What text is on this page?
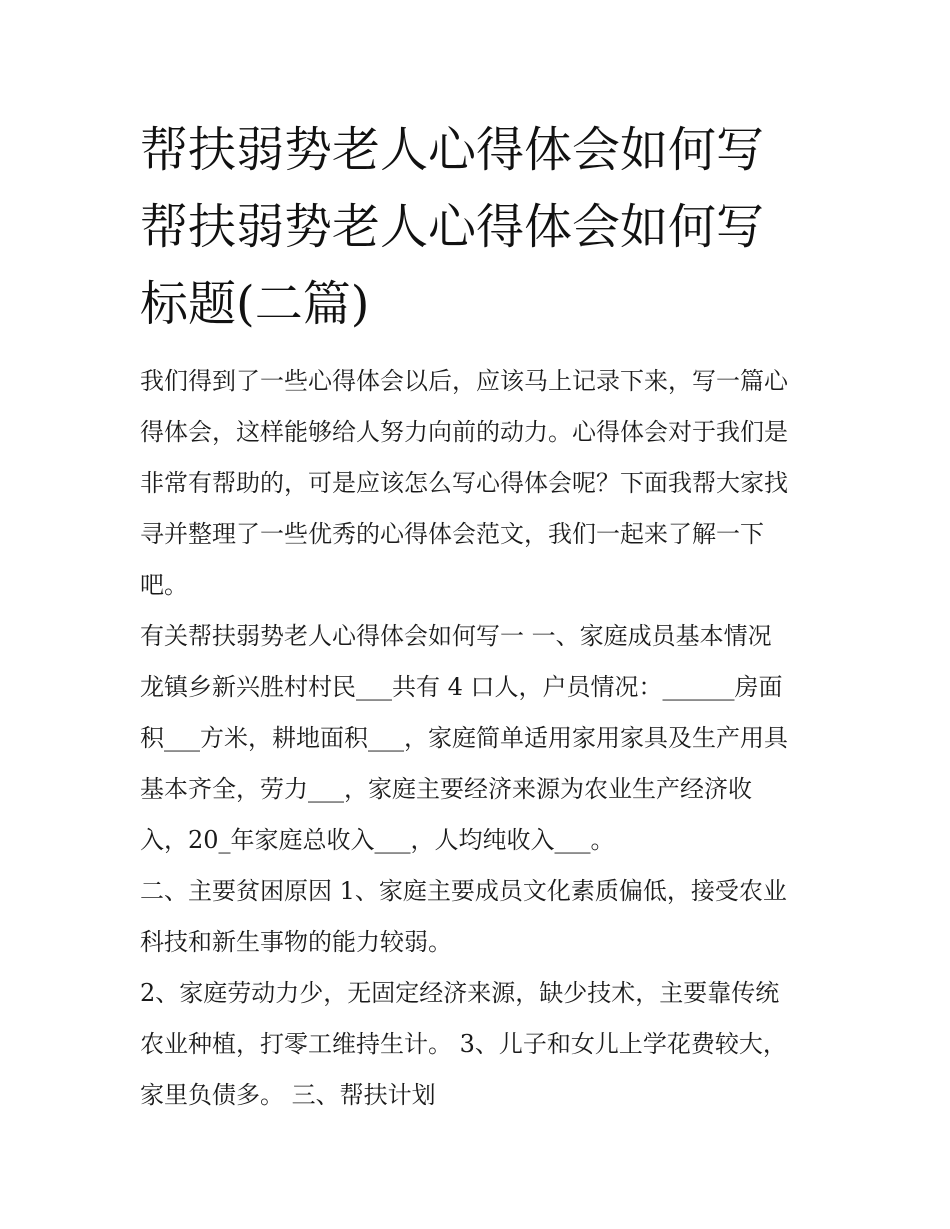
帮扶弱势老人心得体会如何写
帮扶弱势老人心得体会如何写
标题(二篇)
我们得到了一些心得体会以后，应该马上记录下来，写一篇心
得体会，这样能够给人努力向前的动力。心得体会对于我们是
非常有帮助的，可是应该怎么写心得体会呢？下面我帮大家找
寻并整理了一些优秀的心得体会范文，我们一起来了解一下
吧。
有关帮扶弱势老人心得体会如何写一 一、家庭成员基本情况
龙镇乡新兴胜村村民___共有 4 口人，户员情况：______房面
积___方米，耕地面积___，家庭简单适用家用家具及生产用具
基本齐全，劳力___，家庭主要经济来源为农业生产经济收
入，20_年家庭总收入___，人均纯收入___。
二、主要贫困原因 1、家庭主要成员文化素质偏低，接受农业
科技和新生事物的能力较弱。
2、家庭劳动力少，无固定经济来源，缺少技术，主要靠传统
农业种植，打零工维持生计。 3、儿子和女儿上学花费较大，
家里负债多。 三、帮扶计划
